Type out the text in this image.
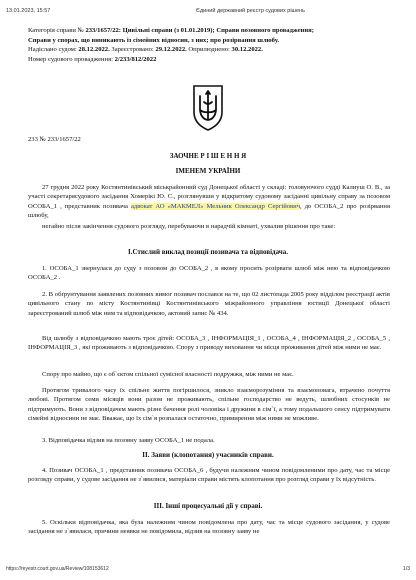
13.01.2023, 15:57	Єдиний державний реєстр судових рішень
Категорія справи № 233/1657/22: Цивільні справи (з 01.01.2019); Справи позовного провадження;
Справи у спорах, що виникають із сімейних відносин, з них; про розірвання шлюбу.
Надіслано судом: 28.12.2022. Зареєстровано: 29.12.2022. Оприлюднено: 30.12.2022.
Номер судового провадження: 2/233/812/2022
233 № 233/1657/22
ЗАОЧНЕ Р І Ш Е Н Н Я
ІМЕНЕМ УКРАЇНИ
27 грудня 2022 року Костянтинівський міськрайонний суд Донецької області у складі: головуючого судді Калиуш О. В., за участі секретарясудового засідання Хомерікі Ю. С., розглянувши у відкритому судовому засіданні цивільну справу за позовом ОСОБА_1 , представник позивача адвокат АО «МАКМЕЛ» Мельник Олександр Сергійович, до ОСОБА_2 про розірвання шлюбу,
негайно після закінчення судового розгляду, перебуваючи в нарадчій кімнаті, ухвалив рішення про таке:
I.Стислий виклад позиції позивача та відповідача.
1. ОСОБА_1 звернулася до суду з позовом до ОСОБА_2 , в якому просить розірвати шлюб між нею та відповідачкою ОСОБА_2 .
2. В обґрунтування заявлених позовних вимог позивач послався на те, що 02 листопада 2005 року відділом реєстрації актів цивільного стану по місту Костянтинівці Костянтинівського міжрайонного управління юстиції Донецької області зареєстрований шлюб між ним та відповідачкою, актовий запис № 434.
Від шлюбу з відповідачкою мають троє дітей: ОСОБА_3 , ІНФОРМАЦІЯ_1 , ОСОБА_4 , ІНФОРМАЦІЯ_2 , ОСОБА_5 , ІНФОРМАЦІЯ_3 , які проживають з відповідачкою. Спору з приводу виховання чи місця проживання дітей між ними не має.
Спору про майно, що є об`єктом спільної сумісної власності подружжя, між ними не має.
Протягом тривалого часу їх спільне життя погіршилося, зникло взаєморозуміння та взаємоповага, втрачено почуття любові. Протягом семи місяців вони разом не проживають, спільне господарство не ведуть, шлюбних стосунків не підтримують. Вони з відповідачем мають різне бачення ролі чоловіка і дружини в сім`ї, а тому подальшого сенсу підтримувати сімейні відносини не має. Вважає, що їх сім`я розпалася остаточно, примирення між ними не можливе.
3. Відповідачка відзив на позовну заяву ОСОБА_1 не подала.
II. Заяви (клопотання) учасників справи.
4. Позивач ОСОБА_1 , представник позивача ОСОБА_6 , будучи належним чином повідомленими про дату, час та місце розгляду справи, у судове засідання не з`явилися, матеріали справи містять клопотання про розгляд справи у їх відсутність.
III. Інші процесуальні дії у справі.
5. Оскільки відповідачка, яка була належним чином повідомлена про дату, час та місце судового засідання, у судове засідання не з`явилася, причини неявки не повідомила, відзив на позовну заяву не
https://reyestr.court.gov.ua/Review/108153612	1/3
